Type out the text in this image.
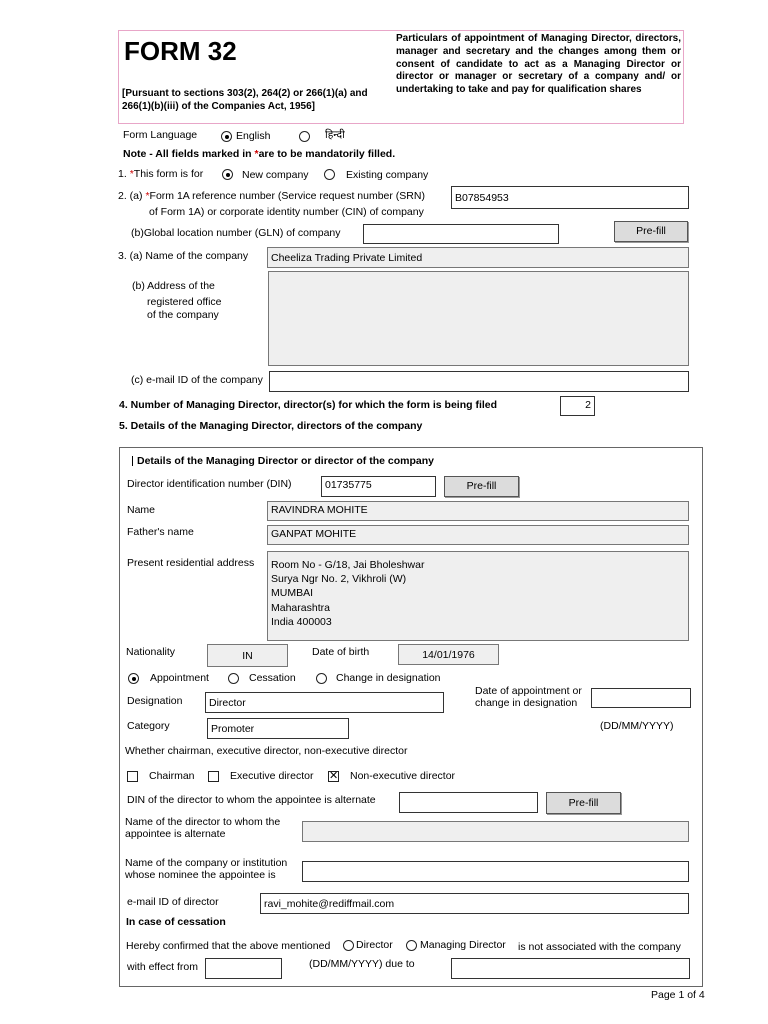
FORM 32
[Pursuant to sections 303(2), 264(2) or 266(1)(a) and 266(1)(b)(iii) of the Companies Act, 1956]
Particulars of appointment of Managing Director, directors, manager and secretary and the changes among them or consent of candidate to act as a Managing Director or director or manager or secretary of a company and/ or undertaking to take and pay for qualification shares
Form Language	English	हिन्दी
Note - All fields marked in *are to be mandatorily filled.
1. *This form is for	New company	Existing company
2. (a) *Form 1A reference number (Service request number (SRN)
of Form 1A) or corporate identity number (CIN) of company
B07854953
(b)Global location number (GLN) of company	Pre-fill
3. (a) Name of the company	Cheeliza Trading Private Limited
(b) Address of the
registered office
of the company
(c) e-mail ID of the company
4. Number of Managing Director, director(s) for which the form is being filed	2
5. Details of the Managing Director, directors of the company
Details of the Managing Director or director of the company
Director identification number (DIN)	01735775	Pre-fill
Name	RAVINDRA MOHITE
Father's name	GANPAT MOHITE
Present residential address Room No - G/18, Jai Bholeshwar
Surya Ngr No. 2, Vikhroli (W)
MUMBAI
Maharashtra
India 400003
Nationality	IN	Date of birth	14/01/1976
Appointment	Cessation	Change in designation
Date of appointment or
change in designation
Designation	Director
Category	Promoter	(DD/MM/YYYY)
Whether chairman, executive director, non-executive director
Chairman	Executive director ✕ Non-executive director
DIN of the director to whom the appointee is alternate	Pre-fill
Name of the director to whom the
appointee is alternate
Name of the company or institution
whose nominee the appointee is
e-mail ID of director	ravi_mohite@rediffmail.com
In case of cessation
Hereby confirmed that the above mentioned Director	Managing Director is not associated with the company
with effect from	(DD/MM/YYYY) due to
Page 1 of 4
